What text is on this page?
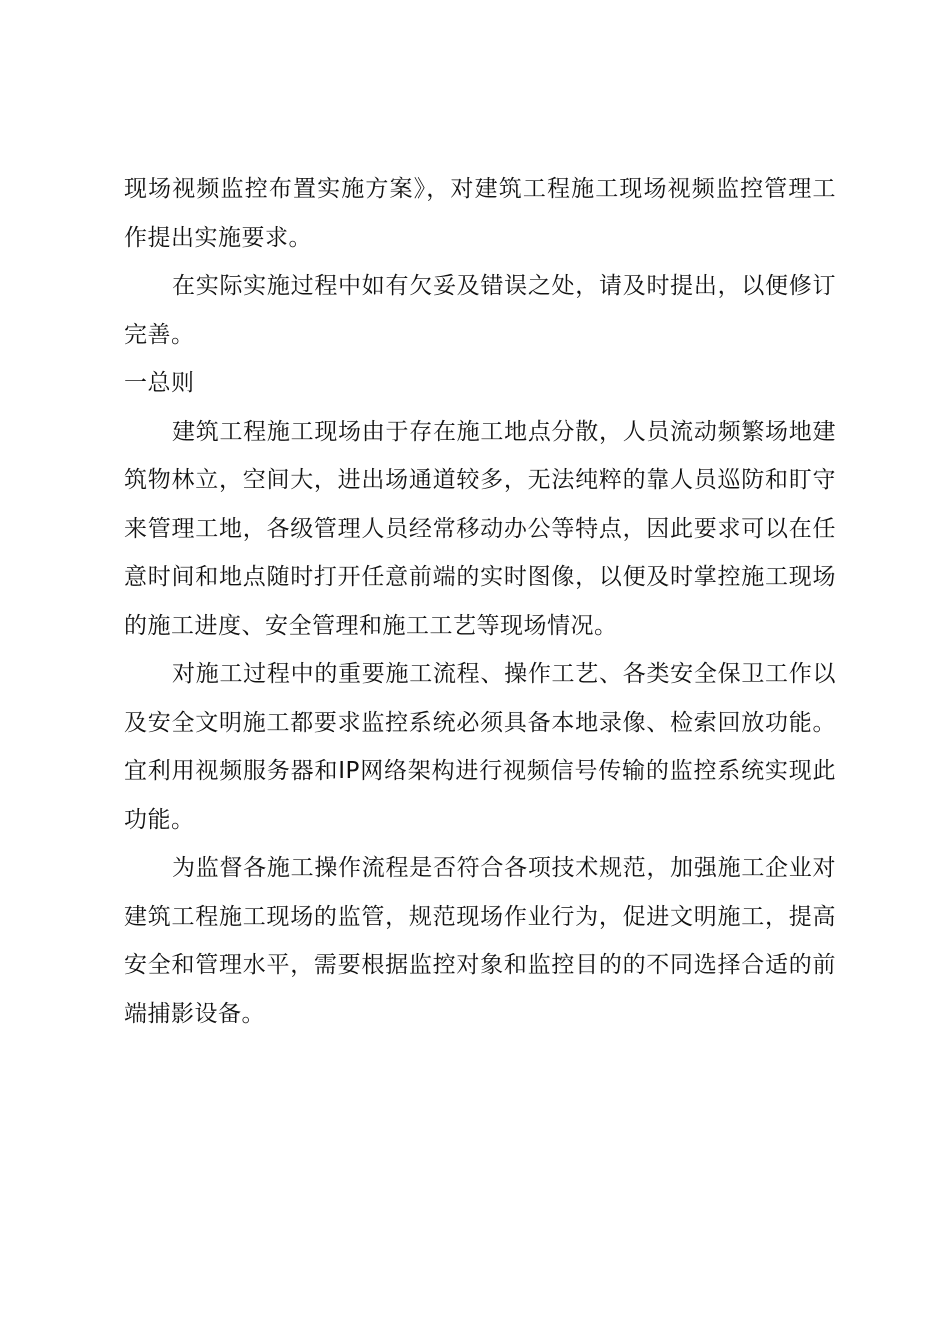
现场视频监控布置实施方案》，对建筑工程施工现场视频监控管理工作提出实施要求。

在实际实施过程中如有欠妥及错误之处，请及时提出，以便修订完善。

一总则

建筑工程施工现场由于存在施工地点分散，人员流动频繁场地建筑物林立，空间大，进出场通道较多，无法纯粹的靠人员巡防和盯守来管理工地，各级管理人员经常移动办公等特点，因此要求可以在任意时间和地点随时打开任意前端的实时图像，以便及时掌控施工现场的施工进度、安全管理和施工工艺等现场情况。

对施工过程中的重要施工流程、操作工艺、各类安全保卫工作以及安全文明施工都要求监控系统必须具备本地录像、检索回放功能。宜利用视频服务器和IP网络架构进行视频信号传输的监控系统实现此功能。

为监督各施工操作流程是否符合各项技术规范，加强施工企业对建筑工程施工现场的监管，规范现场作业行为，促进文明施工，提高安全和管理水平，需要根据监控对象和监控目的的不同选择合适的前端捕影设备。
